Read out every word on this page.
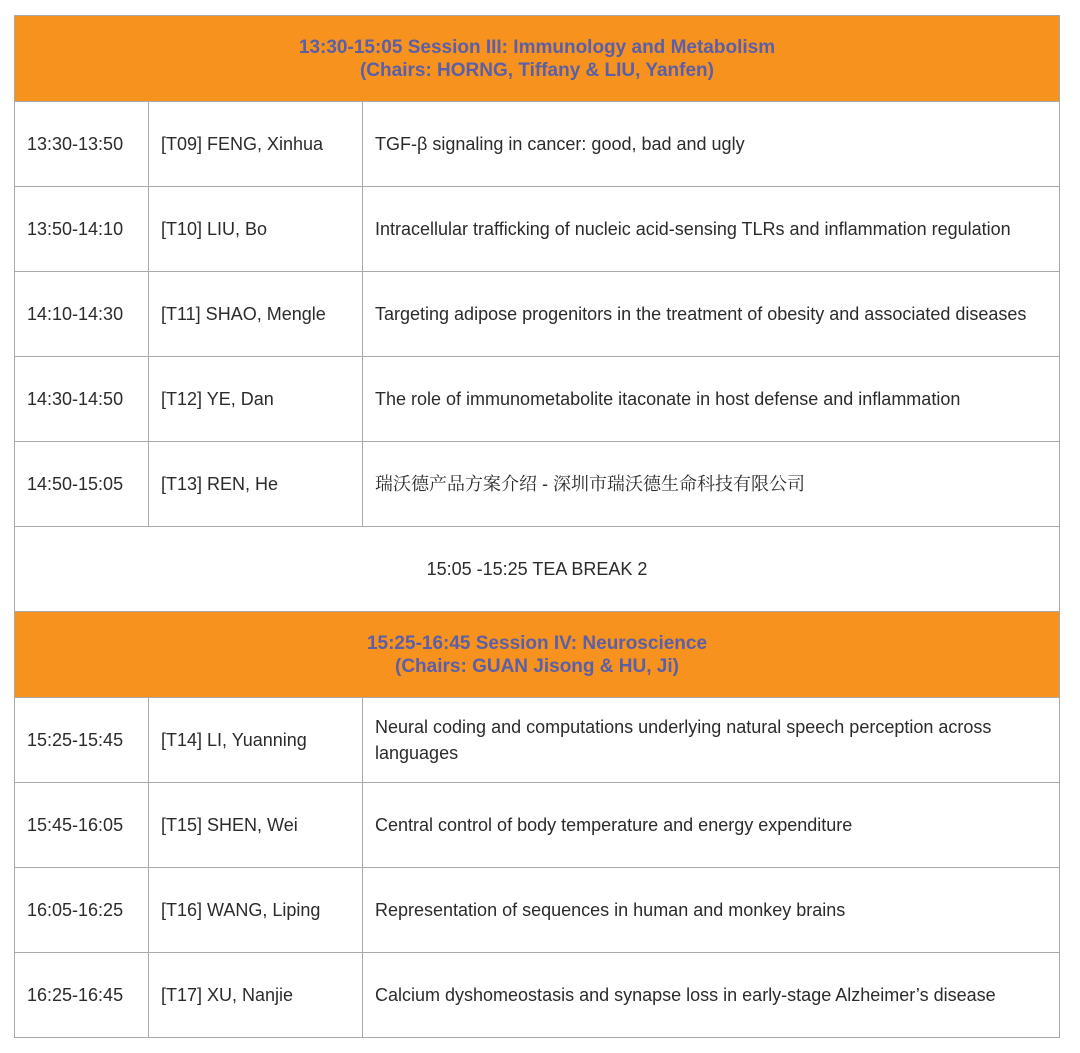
13:30-15:05 Session III: Immunology and Metabolism
(Chairs: HORNG, Tiffany & LIU, Yanfen)		

13:30-13:50	[T09] FENG, Xinhua	TGF-β signaling in cancer: good, bad and ugly
13:50-14:10	[T10] LIU, Bo	Intracellular trafficking of nucleic acid-sensing TLRs and inflammation regulation
14:10-14:30	[T11] SHAO, Mengle	Targeting adipose progenitors in the treatment of obesity and associated diseases
14:30-14:50	[T12] YE, Dan	The role of immunometabolite itaconate in host defense and inflammation
14:50-15:05	[T13] REN, He	瑞沃德产品方案介绍 - 深圳市瑞沃德生命科技有限公司
15:05 -15:25 TEA BREAK 2		

15:25-16:45 Session IV: Neuroscience
(Chairs: GUAN Jisong & HU, Ji)		

15:25-15:45	[T14] LI, Yuanning	Neural coding and computations underlying natural speech perception across languages
15:45-16:05	[T15] SHEN, Wei	Central control of body temperature and energy expenditure
16:05-16:25	[T16] WANG, Liping	Representation of sequences in human and monkey brains
16:25-16:45	[T17] XU, Nanjie	Calcium dyshomeostasis and synapse loss in early-stage Alzheimer’s disease
